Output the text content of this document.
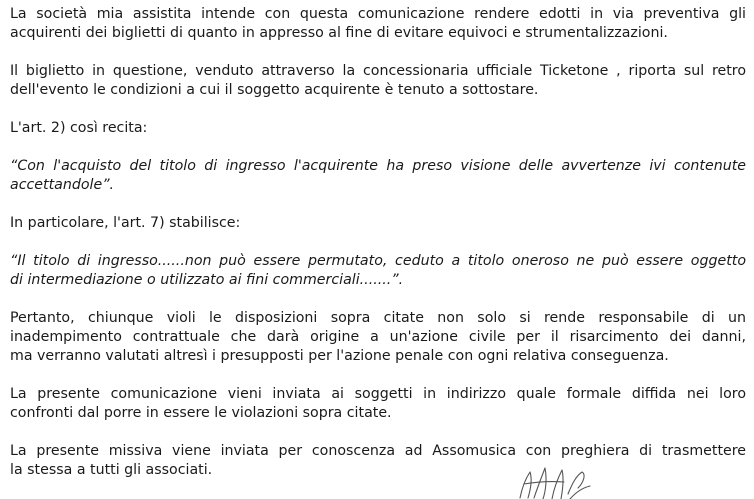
La società mia assistita intende con questa comunicazione rendere edotti in via preventiva gli
acquirenti dei biglietti di quanto in appresso al fine di evitare equivoci e strumentalizzazioni.

Il biglietto in questione, venduto attraverso la concessionaria ufficiale Ticketone , riporta sul retro
dell'evento le condizioni a cui il soggetto acquirente è tenuto a sottostare.

L'art. 2) così recita:

“Con l'acquisto del titolo di ingresso l'acquirente ha preso visione delle avvertenze ivi contenute
accettandole”.

In particolare, l'art. 7) stabilisce:

“Il titolo di ingresso......non può essere permutato, ceduto a titolo oneroso ne può essere oggetto
di intermediazione o utilizzato ai fini commerciali.......”.

Pertanto, chiunque violi le disposizioni sopra citate non solo si rende responsabile di un
inadempimento contrattuale che darà origine a un'azione civile per il risarcimento dei danni,
ma verranno valutati altresì i presupposti per l'azione penale con ogni relativa conseguenza.

La presente comunicazione vieni inviata ai soggetti in indirizzo quale formale diffida nei loro
confronti dal porre in essere le violazioni sopra citate.

La presente missiva viene inviata per conoscenza ad Assomusica con preghiera di trasmettere
la stessa a tutti gli associati.
